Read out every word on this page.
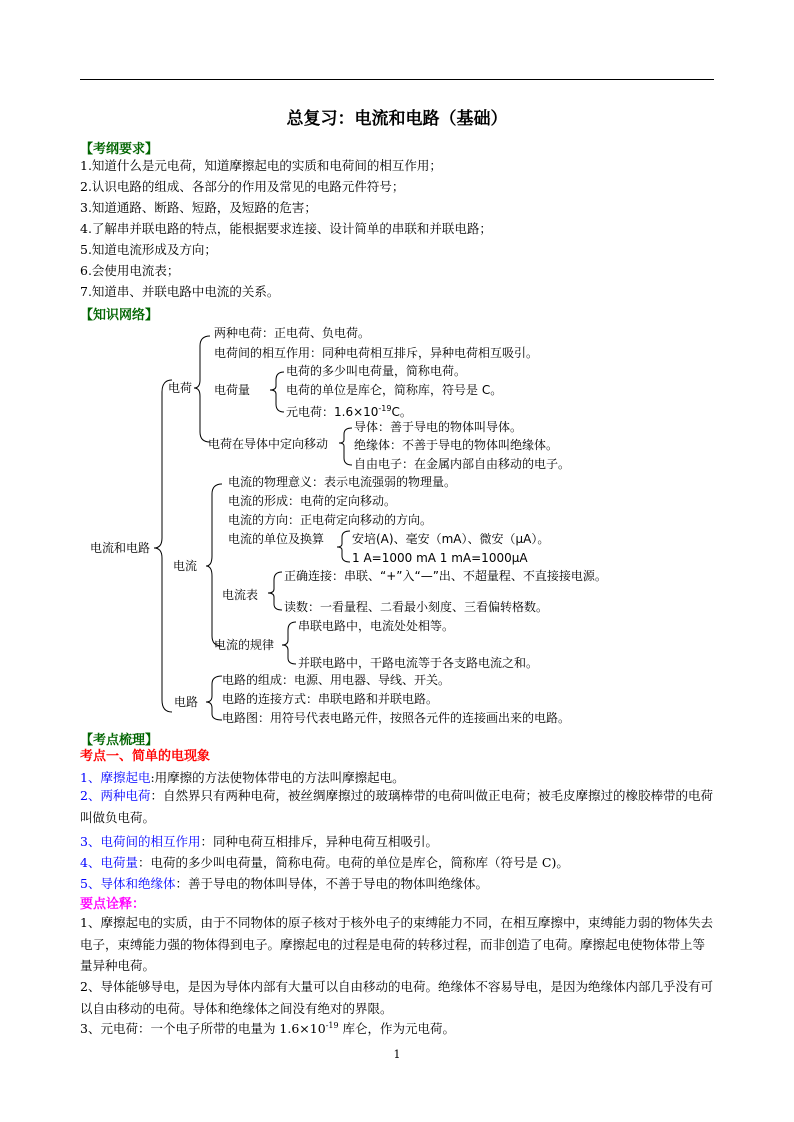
总复习：电流和电路（基础）
【考纲要求】
1.知道什么是元电荷，知道摩擦起电的实质和电荷间的相互作用；
2.认识电路的组成、各部分的作用及常见的电路元件符号；
3.知道通路、断路、短路，及短路的危害；
4.了解串并联电路的特点，能根据要求连接、设计简单的串联和并联电路；
5.知道电流形成及方向；
6.会使用电流表；
7.知道串、并联电路中电流的关系。
【知识网络】
电流和电路
电荷
两种电荷：正电荷、负电荷。
电荷间的相互作用：同种电荷相互排斥，异种电荷相互吸引。
电荷量
电荷的多少叫电荷量，简称电荷。
电荷的单位是库仑，简称库，符号是 C。
元电荷：$1.6\times 10^{-19}C$。
电荷在导体中定向移动
导体：善于导电的物体叫导体。
绝缘体：不善于导电的物体叫绝缘体。
自由电子：在金属内部自由移动的电子。
电流
电流的物理意义：表示电流强弱的物理量。
电流的形成：电荷的定向移动。
电流的方向：正电荷定向移动的方向。
电流的单位及换算 安培(A)、毫安（mA）、微安（μA）。
1 A=1000 mA 1 mA=1000μA
电流表
正确连接：串联、“+”入“—”出、不超量程、不直接接电源。
读数：一看量程、二看最小刻度、三看偏转格数。
电流的规律
串联电路中，电流处处相等。
并联电路中，干路电流等于各支路电流之和。
电路
电路的组成：电源、用电器、导线、开关。
电路的连接方式：串联电路和并联电路。
电路图：用符号代表电路元件，按照各元件的连接画出来的电路。
【考点梳理】
考点一、简单的电现象
1、摩擦起电:用摩擦的方法使物体带电的方法叫摩擦起电。
2、两种电荷：自然界只有两种电荷，被丝绸摩擦过的玻璃棒带的电荷叫做正电荷；被毛皮摩擦过的橡胶棒带的电荷叫做负电荷。
3、电荷间的相互作用：同种电荷互相排斥，异种电荷互相吸引。
4、电荷量：电荷的多少叫电荷量，简称电荷。电荷的单位是库仑，简称库（符号是 C)。
5、导体和绝缘体：善于导电的物体叫导体，不善于导电的物体叫绝缘体。
要点诠释：
1、摩擦起电的实质，由于不同物体的原子核对于核外电子的束缚能力不同，在相互摩擦中，束缚能力弱的物体失去电子，束缚能力强的物体得到电子。摩擦起电的过程是电荷的转移过程，而非创造了电荷。摩擦起电使物体带上等量异种电荷。
2、导体能够导电，是因为导体内部有大量可以自由移动的电荷。绝缘体不容易导电，是因为绝缘体内部几乎没有可以自由移动的电荷。导体和绝缘体之间没有绝对的界限。
3、元电荷：一个电子所带的电量为 $1.6\times 10^{-19}$ 库仑，作为元电荷。
1
